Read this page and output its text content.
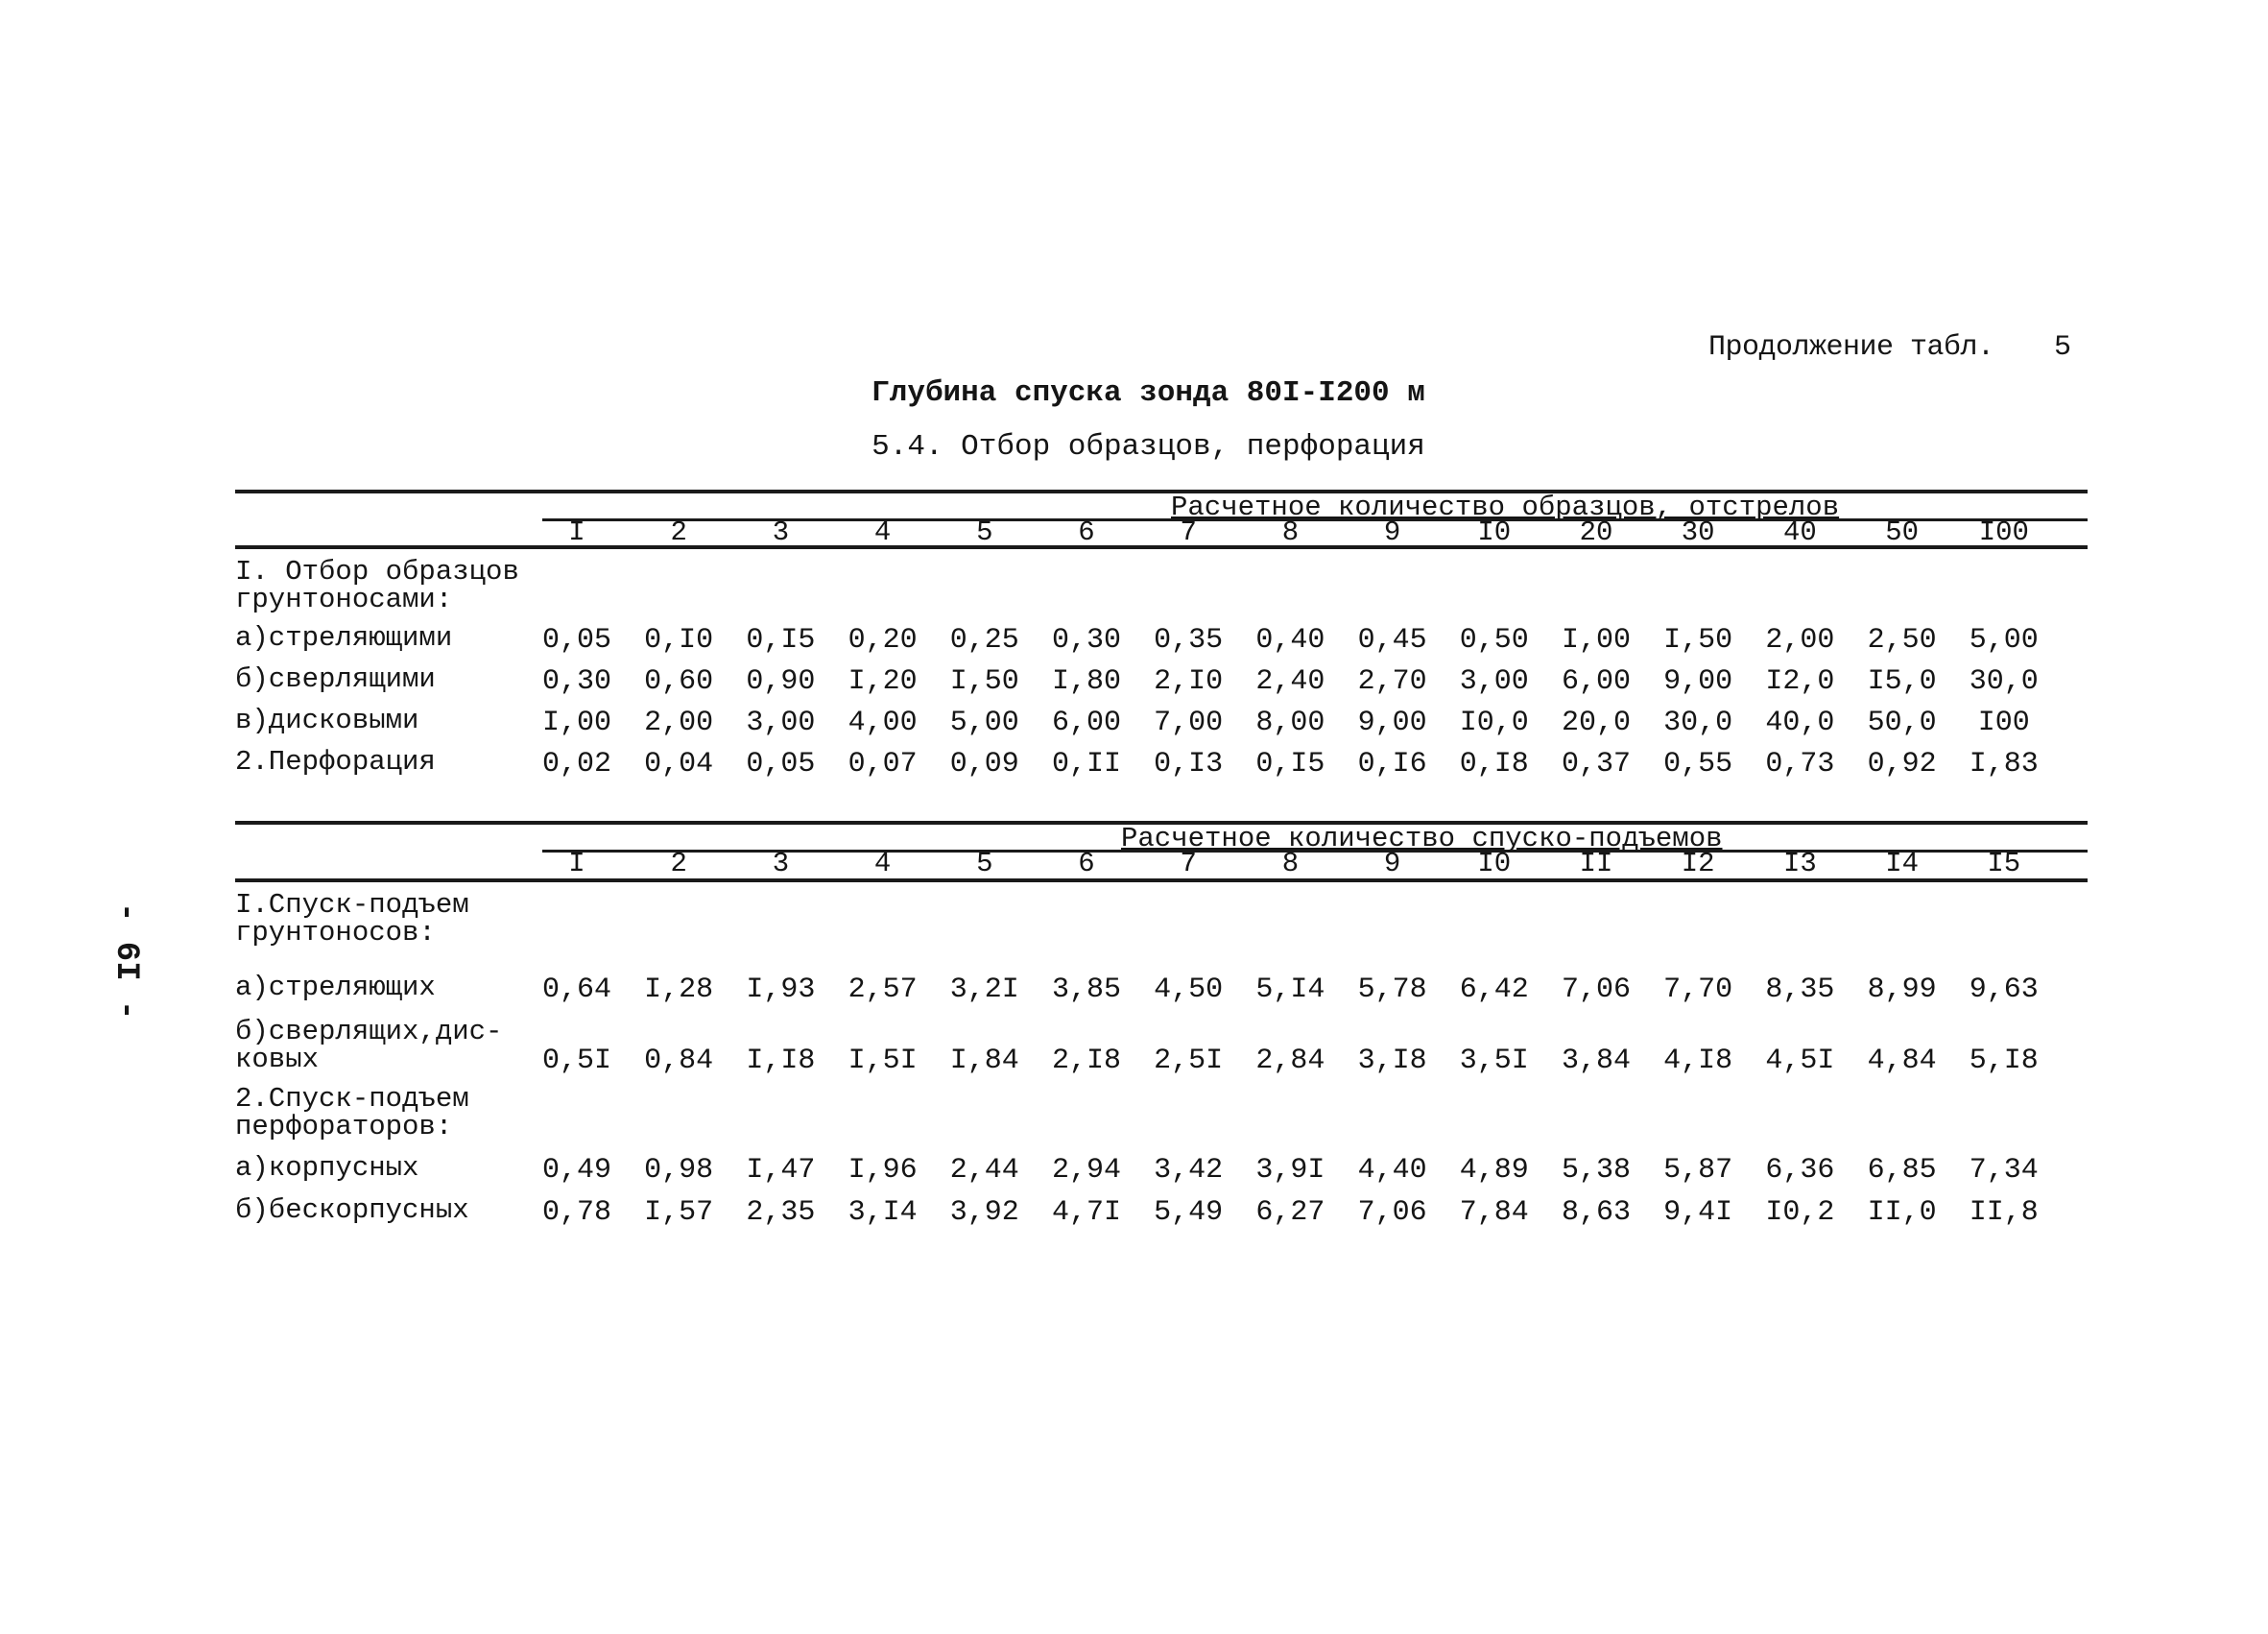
Продолжение табл. 5
Глубина спуска зонда 80I-I200 м
5.4. Отбор образцов, перфорация
- 6I -
Расчетное количество образцов, отстрелов
I	2	3	4	5	6	7	8	9	I0	20	30	40	50	I00
I. Отбор образцов
грунтоносами:
а)стреляющими	0,05	0,I0	0,I5	0,20	0,25	0,30	0,35	0,40	0,45	0,50	I,00	I,50	2,00	2,50	5,00
б)сверлящими	0,30	0,60	0,90	I,20	I,50	I,80	2,I0	2,40	2,70	3,00	6,00	9,00	I2,0	I5,0	30,0
в)дисковыми	I,00	2,00	3,00	4,00	5,00	6,00	7,00	8,00	9,00	I0,0	20,0	30,0	40,0	50,0	I00
2.Перфорация	0,02	0,04	0,05	0,07	0,09	0,II	0,I3	0,I5	0,I6	0,I8	0,37	0,55	0,73	0,92	I,83
Расчетное количество спуско-подъемов
I	2	3	4	5	6	7	8	9	I0	II	I2	I3	I4	I5
I.Спуск-подъем
грунтоносов:
а)стреляющих	0,64	I,28	I,93	2,57	3,2I	3,85	4,50	5,I4	5,78	6,42	7,06	7,70	8,35	8,99	9,63
б)сверлящих,дис-
ковых	0,5I	0,84	I,I8	I,5I	I,84	2,I8	2,5I	2,84	3,I8	3,5I	3,84	4,I8	4,5I	4,84	5,I8
2.Спуск-подъем
перфораторов:
а)корпусных	0,49	0,98	I,47	I,96	2,44	2,94	3,42	3,9I	4,40	4,89	5,38	5,87	6,36	6,85	7,34
б)бескорпусных	0,78	I,57	2,35	3,I4	3,92	4,7I	5,49	6,27	7,06	7,84	8,63	9,4I	I0,2	II,0	II,8
